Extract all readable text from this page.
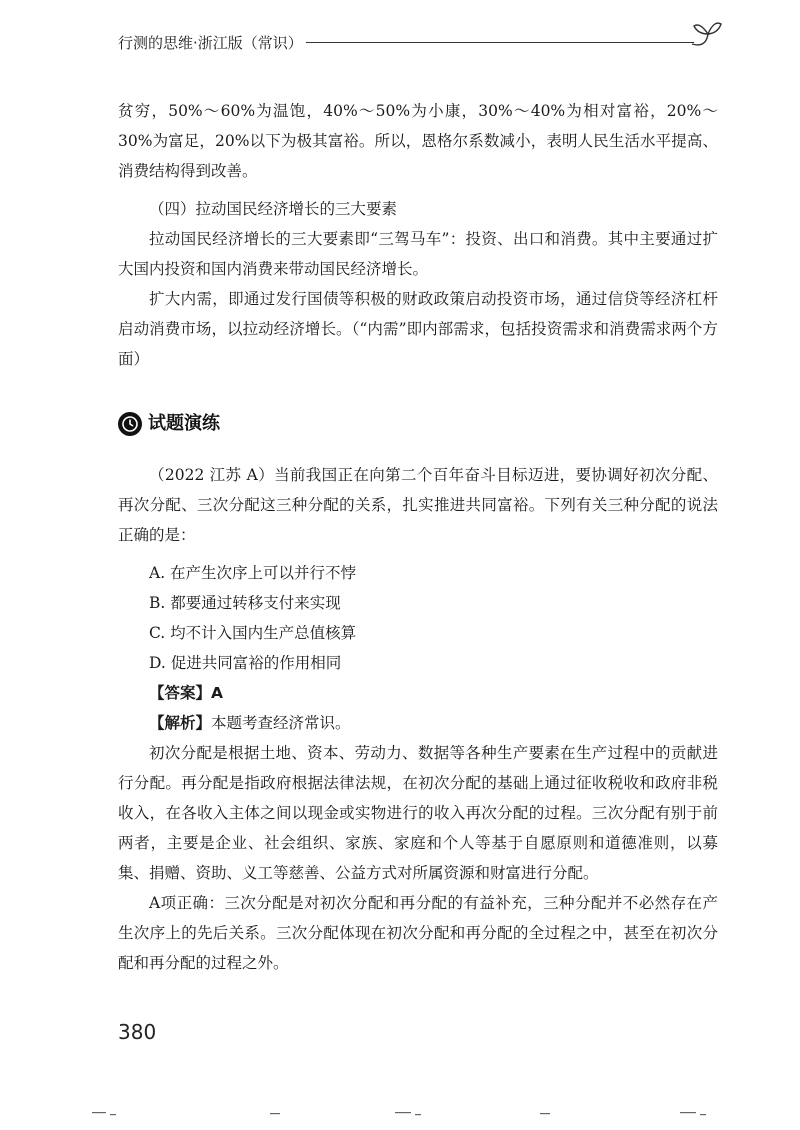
行测的思维·浙江版（常识）

贫穷，50%～60%为温饱，40%～50%为小康，30%～40%为相对富裕，20%～30%为富足，20%以下为极其富裕。所以，恩格尔系数减小，表明人民生活水平提高、消费结构得到改善。

（四）拉动国民经济增长的三大要素

拉动国民经济增长的三大要素即“三驾马车”：投资、出口和消费。其中主要通过扩大国内投资和国内消费来带动国民经济增长。

扩大内需，即通过发行国债等积极的财政政策启动投资市场，通过信贷等经济杠杆启动消费市场，以拉动经济增长。（“内需”即内部需求，包括投资需求和消费需求两个方面）

试题演练

（2022 江苏 A）当前我国正在向第二个百年奋斗目标迈进，要协调好初次分配、再次分配、三次分配这三种分配的关系，扎实推进共同富裕。下列有关三种分配的说法正确的是：

A. 在产生次序上可以并行不悖

B. 都要通过转移支付来实现

C. 均不计入国内生产总值核算

D. 促进共同富裕的作用相同

【答案】A

【解析】本题考查经济常识。

初次分配是根据土地、资本、劳动力、数据等各种生产要素在生产过程中的贡献进行分配。再分配是指政府根据法律法规，在初次分配的基础上通过征收税收和政府非税收入，在各收入主体之间以现金或实物进行的收入再次分配的过程。三次分配有别于前两者，主要是企业、社会组织、家族、家庭和个人等基于自愿原则和道德准则，以募集、捐赠、资助、义工等慈善、公益方式对所属资源和财富进行分配。

A项正确：三次分配是对初次分配和再分配的有益补充，三种分配并不必然存在产生次序上的先后关系。三次分配体现在初次分配和再分配的全过程之中，甚至在初次分配和再分配的过程之外。

380
